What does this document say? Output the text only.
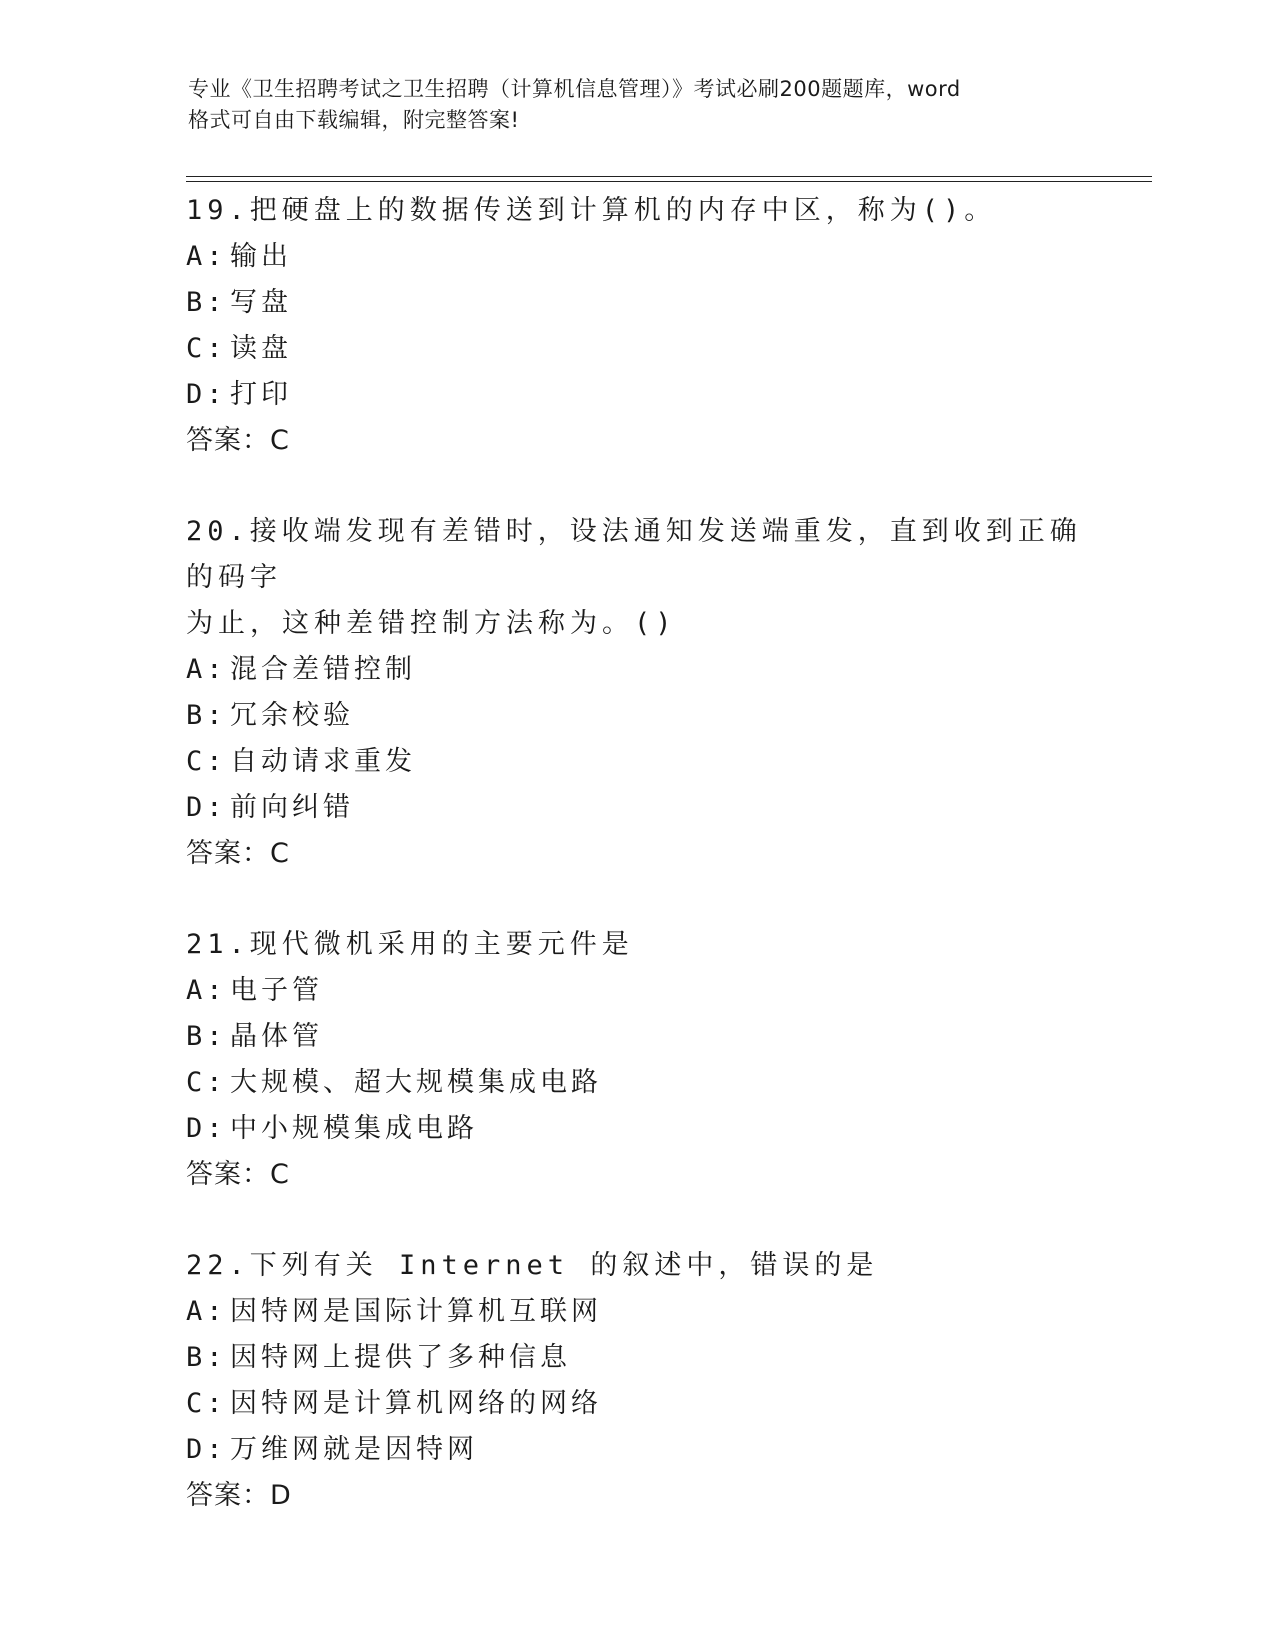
专业《卫生招聘考试之卫生招聘（计算机信息管理）》考试必刷200题题库，word
格式可自由下载编辑，附完整答案!
19.把硬盘上的数据传送到计算机的内存中区，称为()。
A: 输出
B: 写盘
C: 读盘
D: 打印
答案：C
20.接收端发现有差错时，设法通知发送端重发，直到收到正确的码字
为止，这种差错控制方法称为。()
A: 混合差错控制
B: 冗余校验
C: 自动请求重发
D: 前向纠错
答案：C
21.现代微机采用的主要元件是
A: 电子管
B: 晶体管
C: 大规模、超大规模集成电路
D: 中小规模集成电路
答案：C
22.下列有关 Internet 的叙述中，错误的是
A: 因特网是国际计算机互联网
B: 因特网上提供了多种信息
C: 因特网是计算机网络的网络
D: 万维网就是因特网
答案：D
